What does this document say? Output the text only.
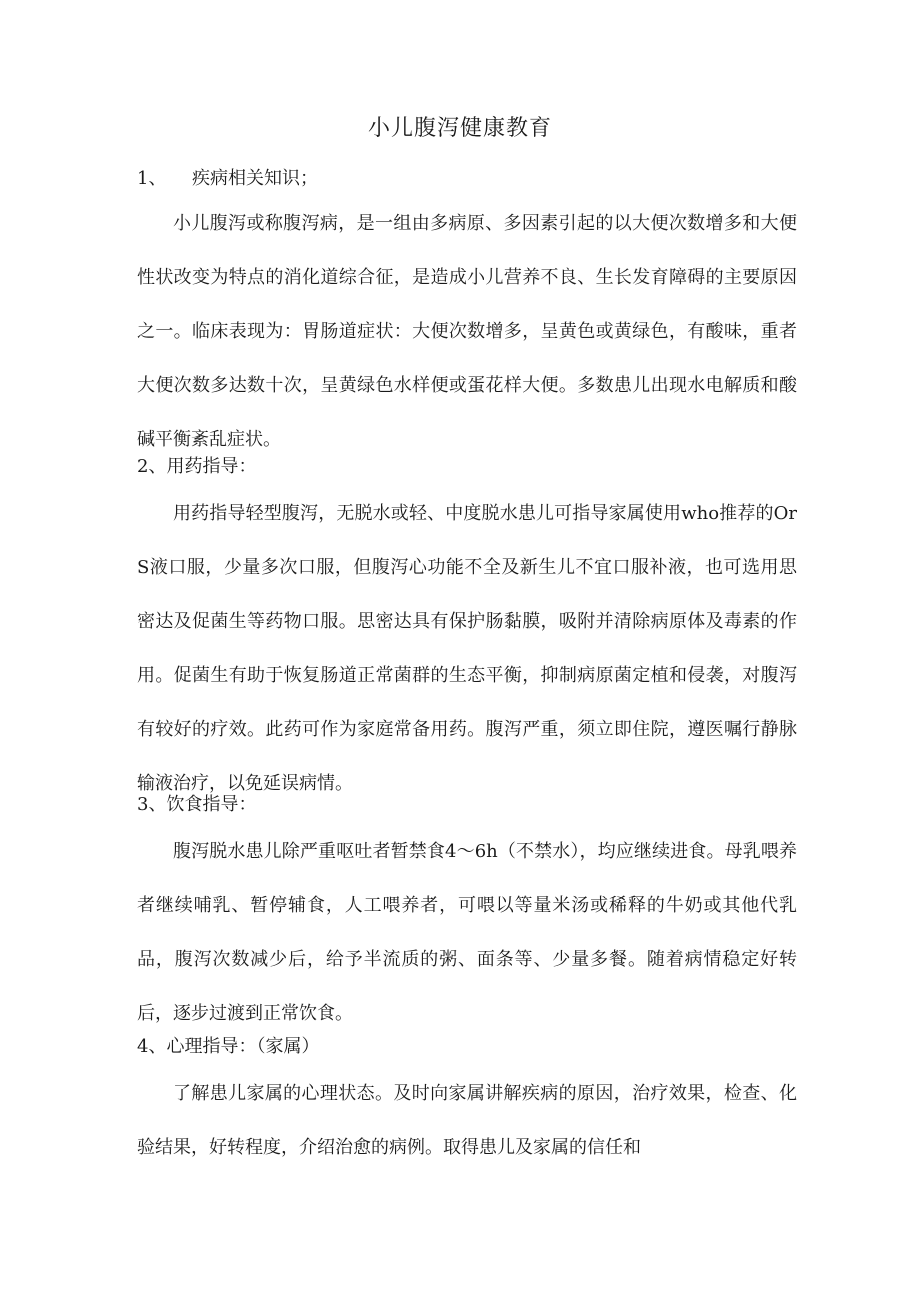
小儿腹泻健康教育
1、 疾病相关知识；
小儿腹泻或称腹泻病，是一组由多病原、多因素引起的以大便次数增多和大便性状改变为特点的消化道综合征，是造成小儿营养不良、生长发育障碍的主要原因之一。临床表现为：胃肠道症状：大便次数增多，呈黄色或黄绿色，有酸味，重者大便次数多达数十次，呈黄绿色水样便或蛋花样大便。多数患儿出现水电解质和酸碱平衡紊乱症状。
2、用药指导：
用药指导轻型腹泻，无脱水或轻、中度脱水患儿可指导家属使用who推荐的OrS液口服，少量多次口服，但腹泻心功能不全及新生儿不宜口服补液，也可选用思密达及促菌生等药物口服。思密达具有保护肠黏膜，吸附并清除病原体及毒素的作用。促菌生有助于恢复肠道正常菌群的生态平衡，抑制病原菌定植和侵袭，对腹泻有较好的疗效。此药可作为家庭常备用药。腹泻严重，须立即住院，遵医嘱行静脉输液治疗，以免延误病情。
3、饮食指导：
腹泻脱水患儿除严重呕吐者暂禁食4～6h（不禁水），均应继续进食。母乳喂养者继续哺乳、暂停辅食，人工喂养者，可喂以等量米汤或稀释的牛奶或其他代乳品，腹泻次数减少后，给予半流质的粥、面条等、少量多餐。随着病情稳定好转后，逐步过渡到正常饮食。
4、心理指导：（家属）
了解患儿家属的心理状态。及时向家属讲解疾病的原因，治疗效果，检查、化验结果，好转程度，介绍治愈的病例。取得患儿及家属的信任和
